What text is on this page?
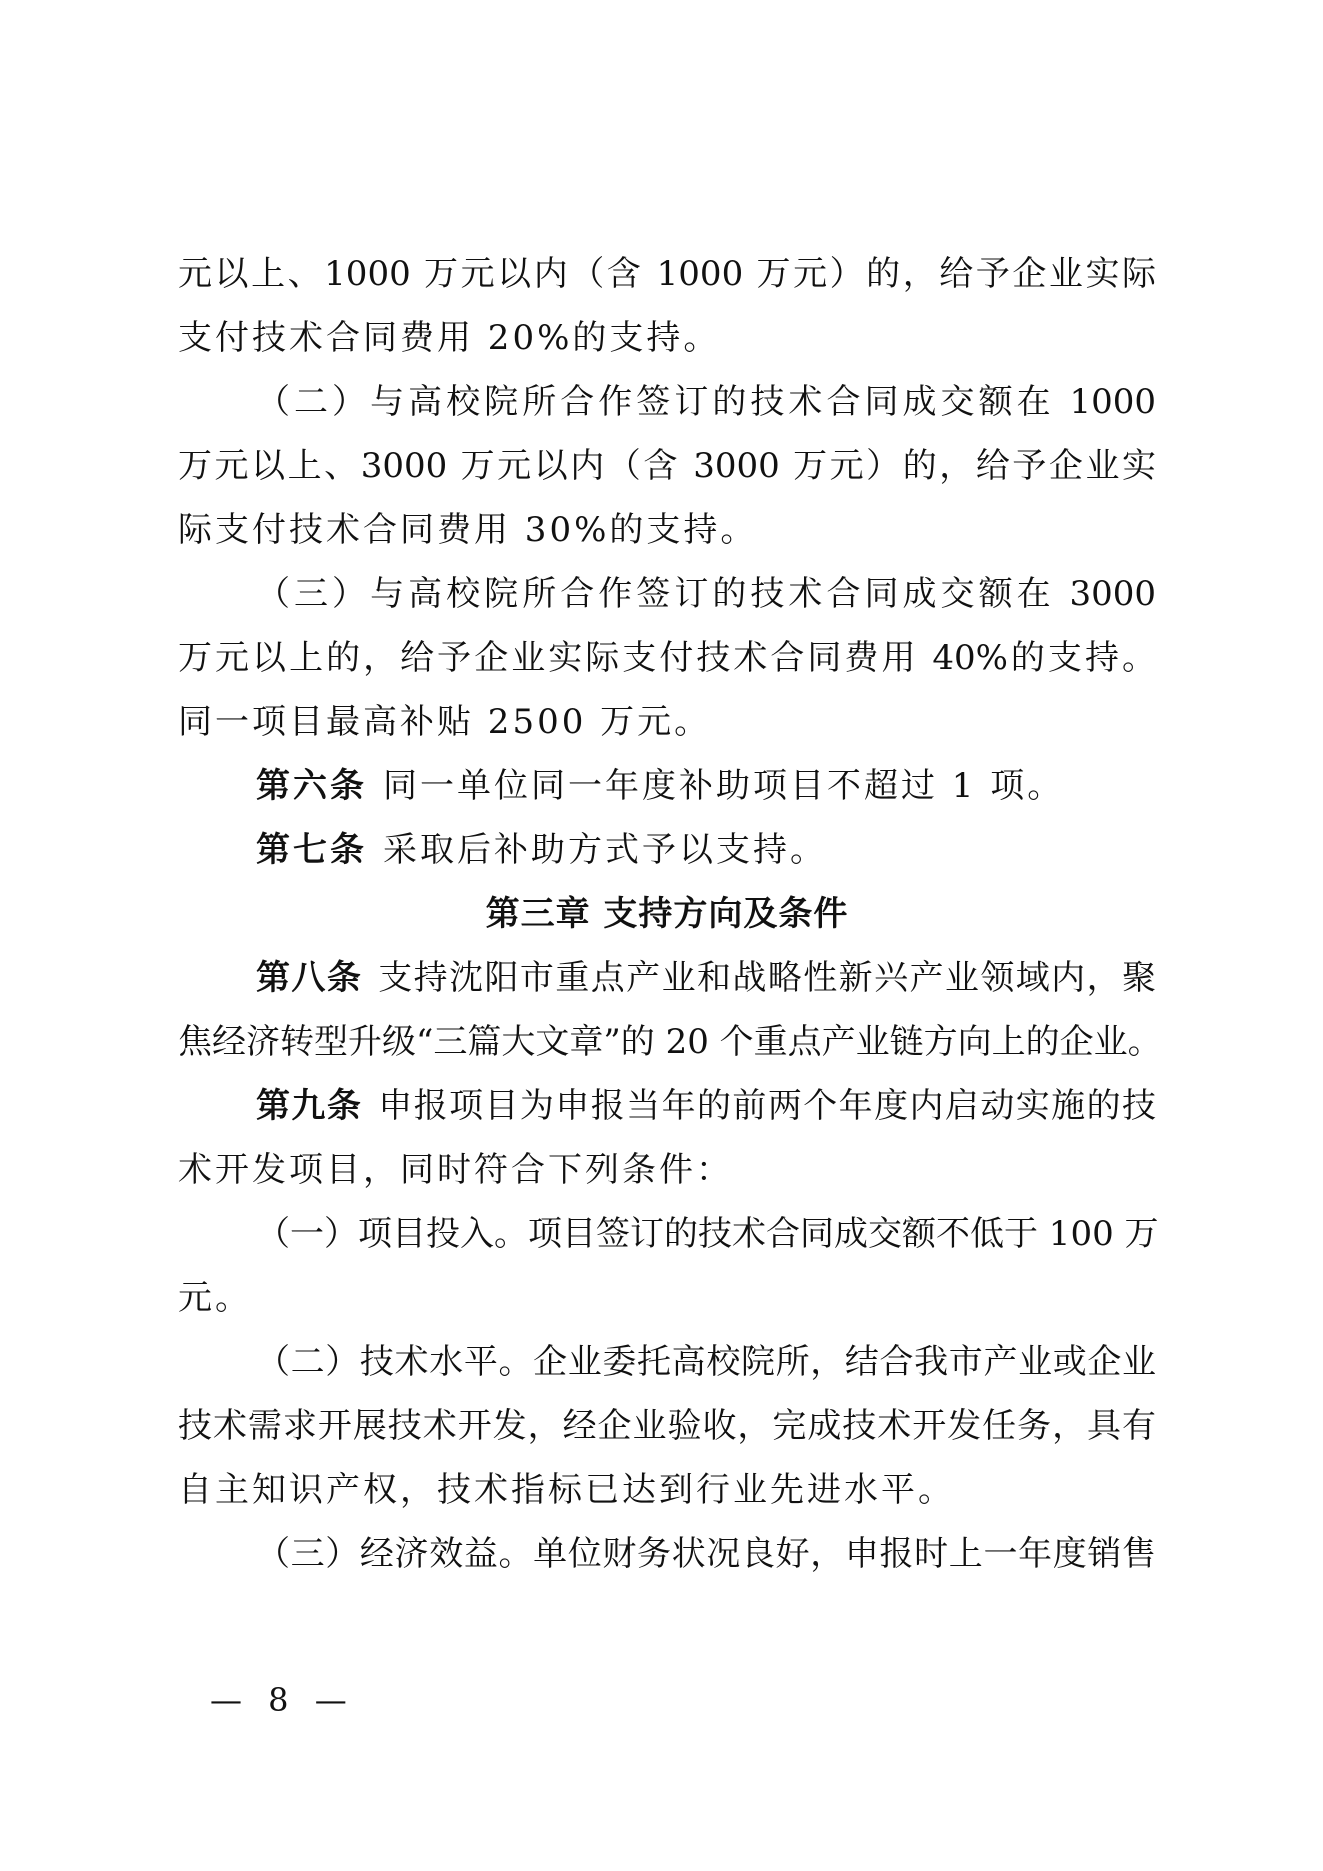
元以上、1000 万元以内（含 1000 万元）的，给予企业实际
支付技术合同费用 20%的支持。
（二）与高校院所合作签订的技术合同成交额在 1000
万元以上、3000 万元以内（含 3000 万元）的，给予企业实
际支付技术合同费用 30%的支持。
（三）与高校院所合作签订的技术合同成交额在 3000
万元以上的，给予企业实际支付技术合同费用 40%的支持。
同一项目最高补贴 2500 万元。
第六条 同一单位同一年度补助项目不超过 1 项。
第七条 采取后补助方式予以支持。
第三章 支持方向及条件
第八条 支持沈阳市重点产业和战略性新兴产业领域内，聚
焦经济转型升级“三篇大文章”的 20 个重点产业链方向上的企业。
第九条 申报项目为申报当年的前两个年度内启动实施的技
术开发项目，同时符合下列条件：
（一）项目投入。项目签订的技术合同成交额不低于 100 万
元。
（二）技术水平。企业委托高校院所，结合我市产业或企业
技术需求开展技术开发，经企业验收，完成技术开发任务，具有
自主知识产权，技术指标已达到行业先进水平。
（三）经济效益。单位财务状况良好，申报时上一年度销售
— 8 —
